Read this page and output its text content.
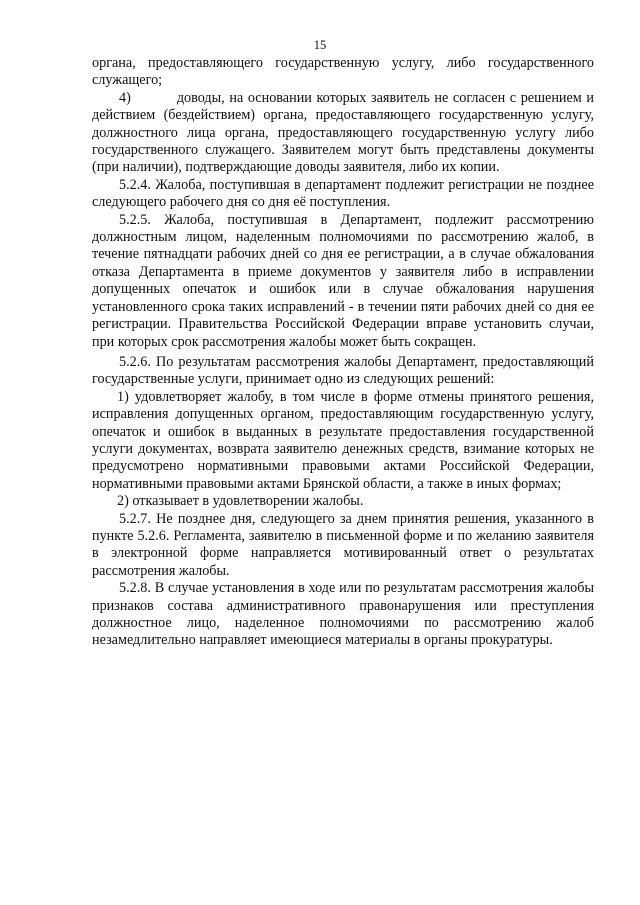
15

органа, предоставляющего государственную услугу, либо государственного служащего;

4)	доводы, на основании которых заявитель не согласен с решением и действием (бездействием) органа, предоставляющего государственную услугу, должностного лица органа, предоставляющего государственную услугу либо государственного служащего. Заявителем могут быть представлены документы (при наличии), подтверждающие доводы заявителя, либо их копии.

5.2.4. Жалоба, поступившая в департамент подлежит регистрации не позднее следующего рабочего дня со дня её поступления.

5.2.5. Жалоба, поступившая в Департамент, подлежит рассмотрению должностным лицом, наделенным полномочиями по рассмотрению жалоб, в течение пятнадцати рабочих дней со дня ее регистрации, а в случае обжалования отказа Департамента в приеме документов у заявителя либо в исправлении допущенных опечаток и ошибок или в случае обжалования нарушения установленного срока таких исправлений - в течении пяти рабочих дней со дня ее регистрации. Правительства Российской Федерации вправе установить случаи, при которых срок рассмотрения жалобы может быть сокращен.

5.2.6. По результатам рассмотрения жалобы Департамент, предоставляющий государственные услуги, принимает одно из следующих решений:

1) удовлетворяет жалобу, в том числе в форме отмены принятого решения, исправления допущенных органом, предоставляющим государственную услугу, опечаток и ошибок в выданных в результате предоставления государственной услуги документах, возврата заявителю денежных средств, взимание которых не предусмотрено нормативными правовыми актами Российской Федерации, нормативными правовыми актами Брянской области, а также в иных формах;

2) отказывает в удовлетворении жалобы.

5.2.7. Не позднее дня, следующего за днем принятия решения, указанного в пункте 5.2.6. Регламента, заявителю в письменной форме и по желанию заявителя в электронной форме направляется мотивированный ответ о результатах рассмотрения жалобы.

5.2.8. В случае установления в ходе или по результатам рассмотрения жалобы признаков состава административного правонарушения или преступления должностное лицо, наделенное полномочиями по рассмотрению жалоб незамедлительно направляет имеющиеся материалы в органы прокуратуры.
